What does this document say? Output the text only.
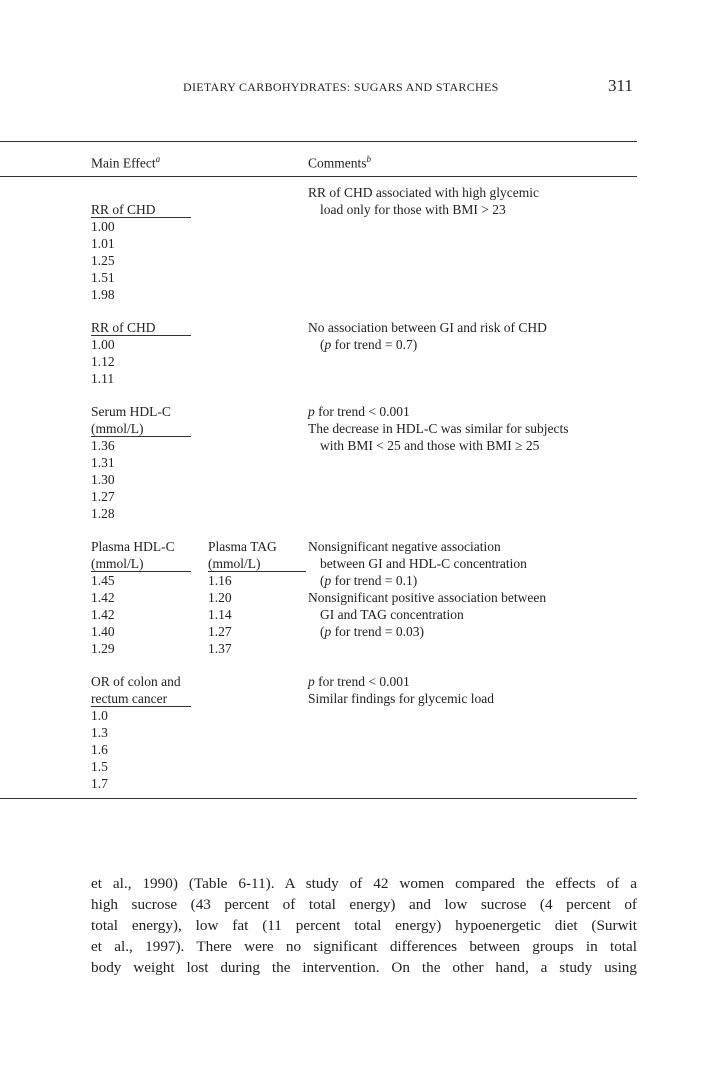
DIETARY CARBOHYDRATES: SUGARS AND STARCHES	311
Main Effect$^a$	Comments$^b$
et al., 1990) (Table 6-11). A study of 42 women compared the effects of a
high sucrose (43 percent of total energy) and low sucrose (4 percent of
total energy), low fat (11 percent total energy) hypoenergetic diet (Surwit
et al., 1997). There were no significant differences between groups in total
body weight lost during the intervention. On the other hand, a study using
RR of CHD
1.00
1.01
1.25
1.51
1.98
RR of CHD associated with high glycemic
load only for those with BMI > 23
RR of CHD
1.00
1.12
1.11
No association between GI and risk of CHD
(p for trend = 0.7)
Serum HDL-C
(mmol/L)
1.36
1.31
1.30
1.27
1.28
p for trend < 0.001
The decrease in HDL-C was similar for subjects
with BMI < 25 and those with BMI ≥ 25
Plasma HDL-C
(mmol/L)
1.45
1.42
1.42
1.40
1.29
Plasma TAG
(mmol/L)
1.16
1.20
1.14
1.27
1.37
Nonsignificant negative association
between GI and HDL-C concentration
(p for trend = 0.1)
Nonsignificant positive association between
GI and TAG concentration
(p for trend = 0.03)
OR of colon and
rectum cancer
1.0
1.3
1.6
1.5
1.7
p for trend < 0.001
Similar findings for glycemic load
